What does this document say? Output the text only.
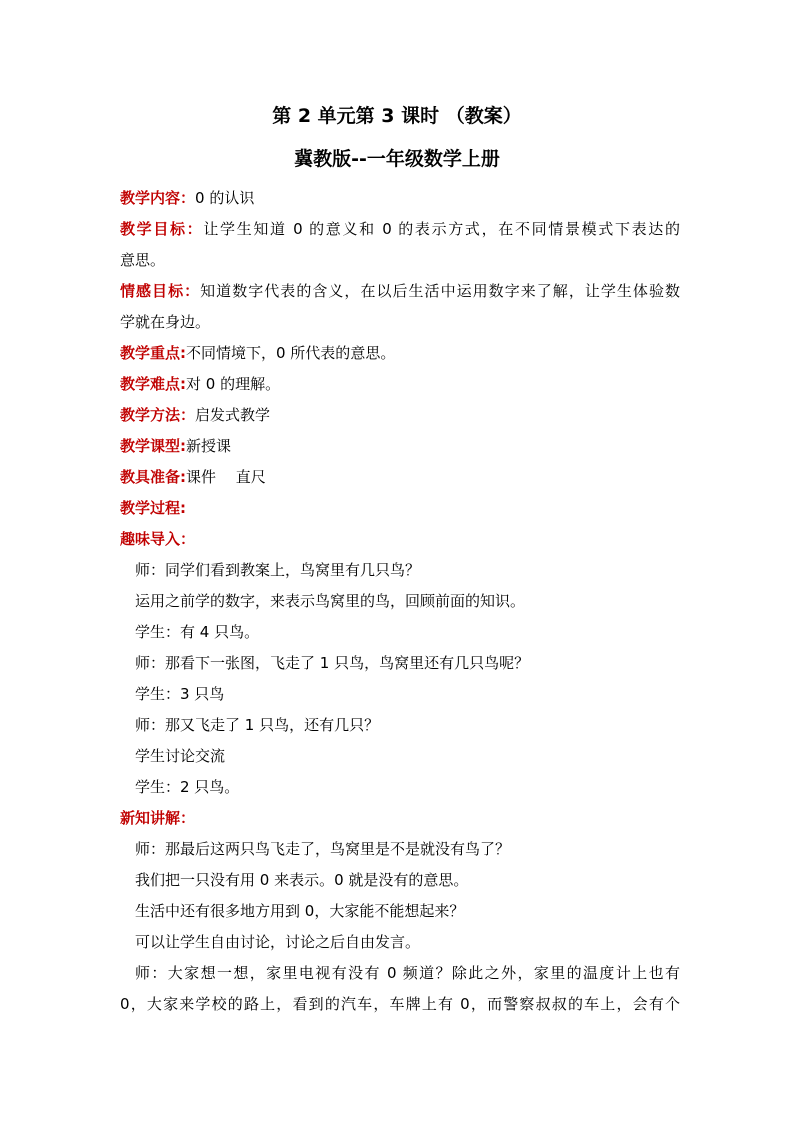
第 2 单元第 3 课时 （教案）
冀教版--一年级数学上册
教学内容：0 的认识
教学目标：让学生知道 0 的意义和 0 的表示方式，在不同情景模式下表达的
意思。
情感目标：知道数字代表的含义，在以后生活中运用数字来了解，让学生体验数
学就在身边。
教学重点:不同情境下，0 所代表的意思。
教学难点:对 0 的理解。
教学方法：启发式教学
教学课型:新授课
教具准备:课件　 直尺
教学过程:
趣味导入：
师：同学们看到教案上，鸟窝里有几只鸟？
运用之前学的数字，来表示鸟窝里的鸟，回顾前面的知识。
学生：有 4 只鸟。
师：那看下一张图，飞走了 1 只鸟，鸟窝里还有几只鸟呢？
学生：3 只鸟
师：那又飞走了 1 只鸟，还有几只？
学生讨论交流
学生：2 只鸟。
新知讲解：
师：那最后这两只鸟飞走了，鸟窝里是不是就没有鸟了？
我们把一只没有用 0 来表示。0 就是没有的意思。
生活中还有很多地方用到 0，大家能不能想起来？
可以让学生自由讨论，讨论之后自由发言。
师：大家想一想，家里电视有没有 0 频道？除此之外，家里的温度计上也有
0，大家来学校的路上，看到的汽车，车牌上有 0，而警察叔叔的车上，会有个
